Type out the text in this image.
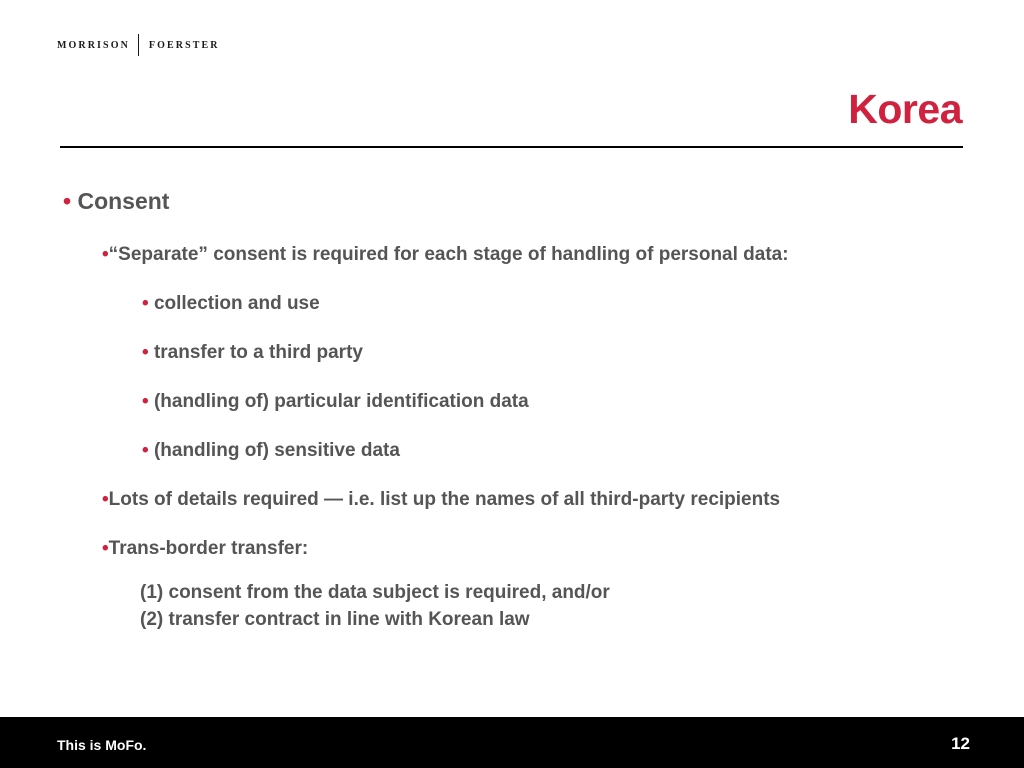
MORRISON FOERSTER
Korea
• Consent
•“Separate” consent is required for each stage of handling of personal data:
• collection and use
• transfer to a third party
• (handling of) particular identification data
• (handling of) sensitive data
•Lots of details required — i.e. list up the names of all third-party recipients
•Trans-border transfer:
(1) consent from the data subject is required, and/or
(2) transfer contract in line with Korean law
This is MoFo.	12
